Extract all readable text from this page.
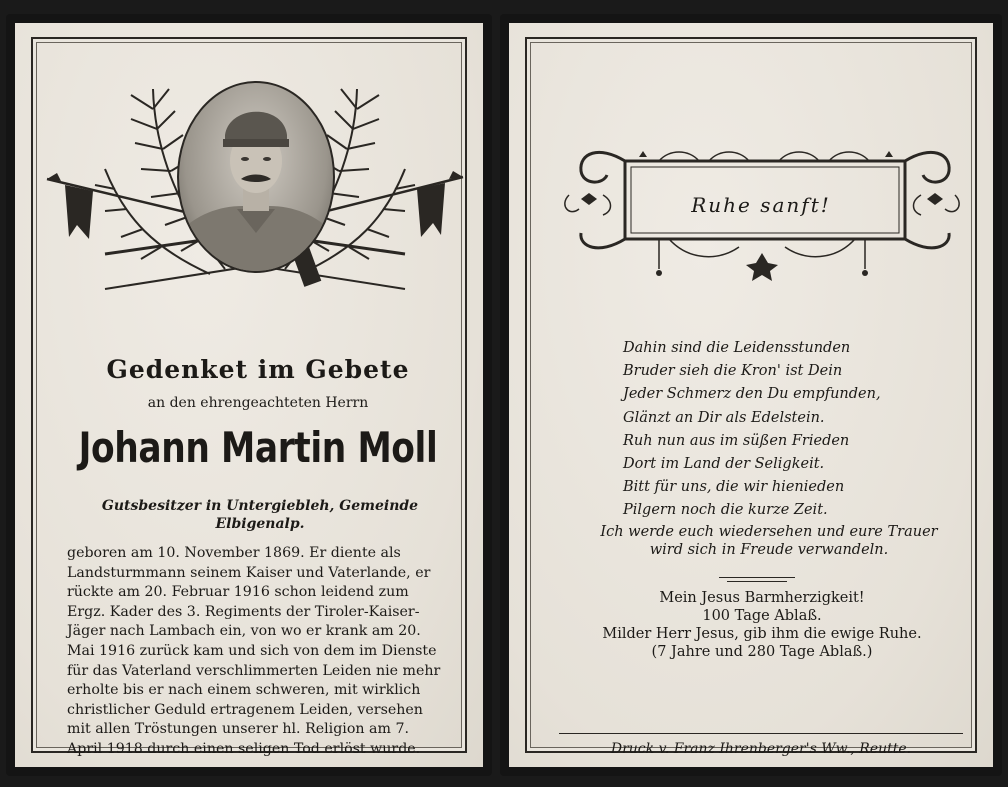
Gedenket im Gebete

an den ehrengeachteten Herrn

Johann Martin Moll

Gutsbesitzer in Untergiebleh, Gemeinde
Elbigenalp.

geboren am 10. November 1869. Er diente als
Landsturmmann seinem Kaiser und Vaterlande, er
rückte am 20. Februar 1916 schon leidend zum
Ergz. Kader des 3. Regiments der Tiroler-Kaiser-
Jäger nach Lambach ein, von wo er krank am 20.
Mai 1916 zurück kam und sich von dem im Dienste
für das Vaterland verschlimmerten Leiden nie mehr
erholte bis er nach einem schweren, mit wirklich
christlicher Geduld ertragenem Leiden, versehen
mit allen Tröstungen unserer hl. Religion am 7.
April 1918 durch einen seligen Tod erlöst wurde.

Ruhe sanft!

Dahin sind die Leidensstunden
Bruder sieh die Kron' ist Dein
Jeder Schmerz den Du empfunden,
Glänzt an Dir als Edelstein.
Ruh nun aus im süßen Frieden
Dort im Land der Seligkeit.
Bitt für uns, die wir hienieden
Pilgern noch die kurze Zeit.

Ich werde euch wiedersehen und eure Trauer
wird sich in Freude verwandeln.

Mein Jesus Barmherzigkeit!
100 Tage Ablaß.
Milder Herr Jesus, gib ihm die ewige Ruhe.
(7 Jahre und 280 Tage Ablaß.)

Druck v. Franz Ihrenberger's Ww., Reutte.
